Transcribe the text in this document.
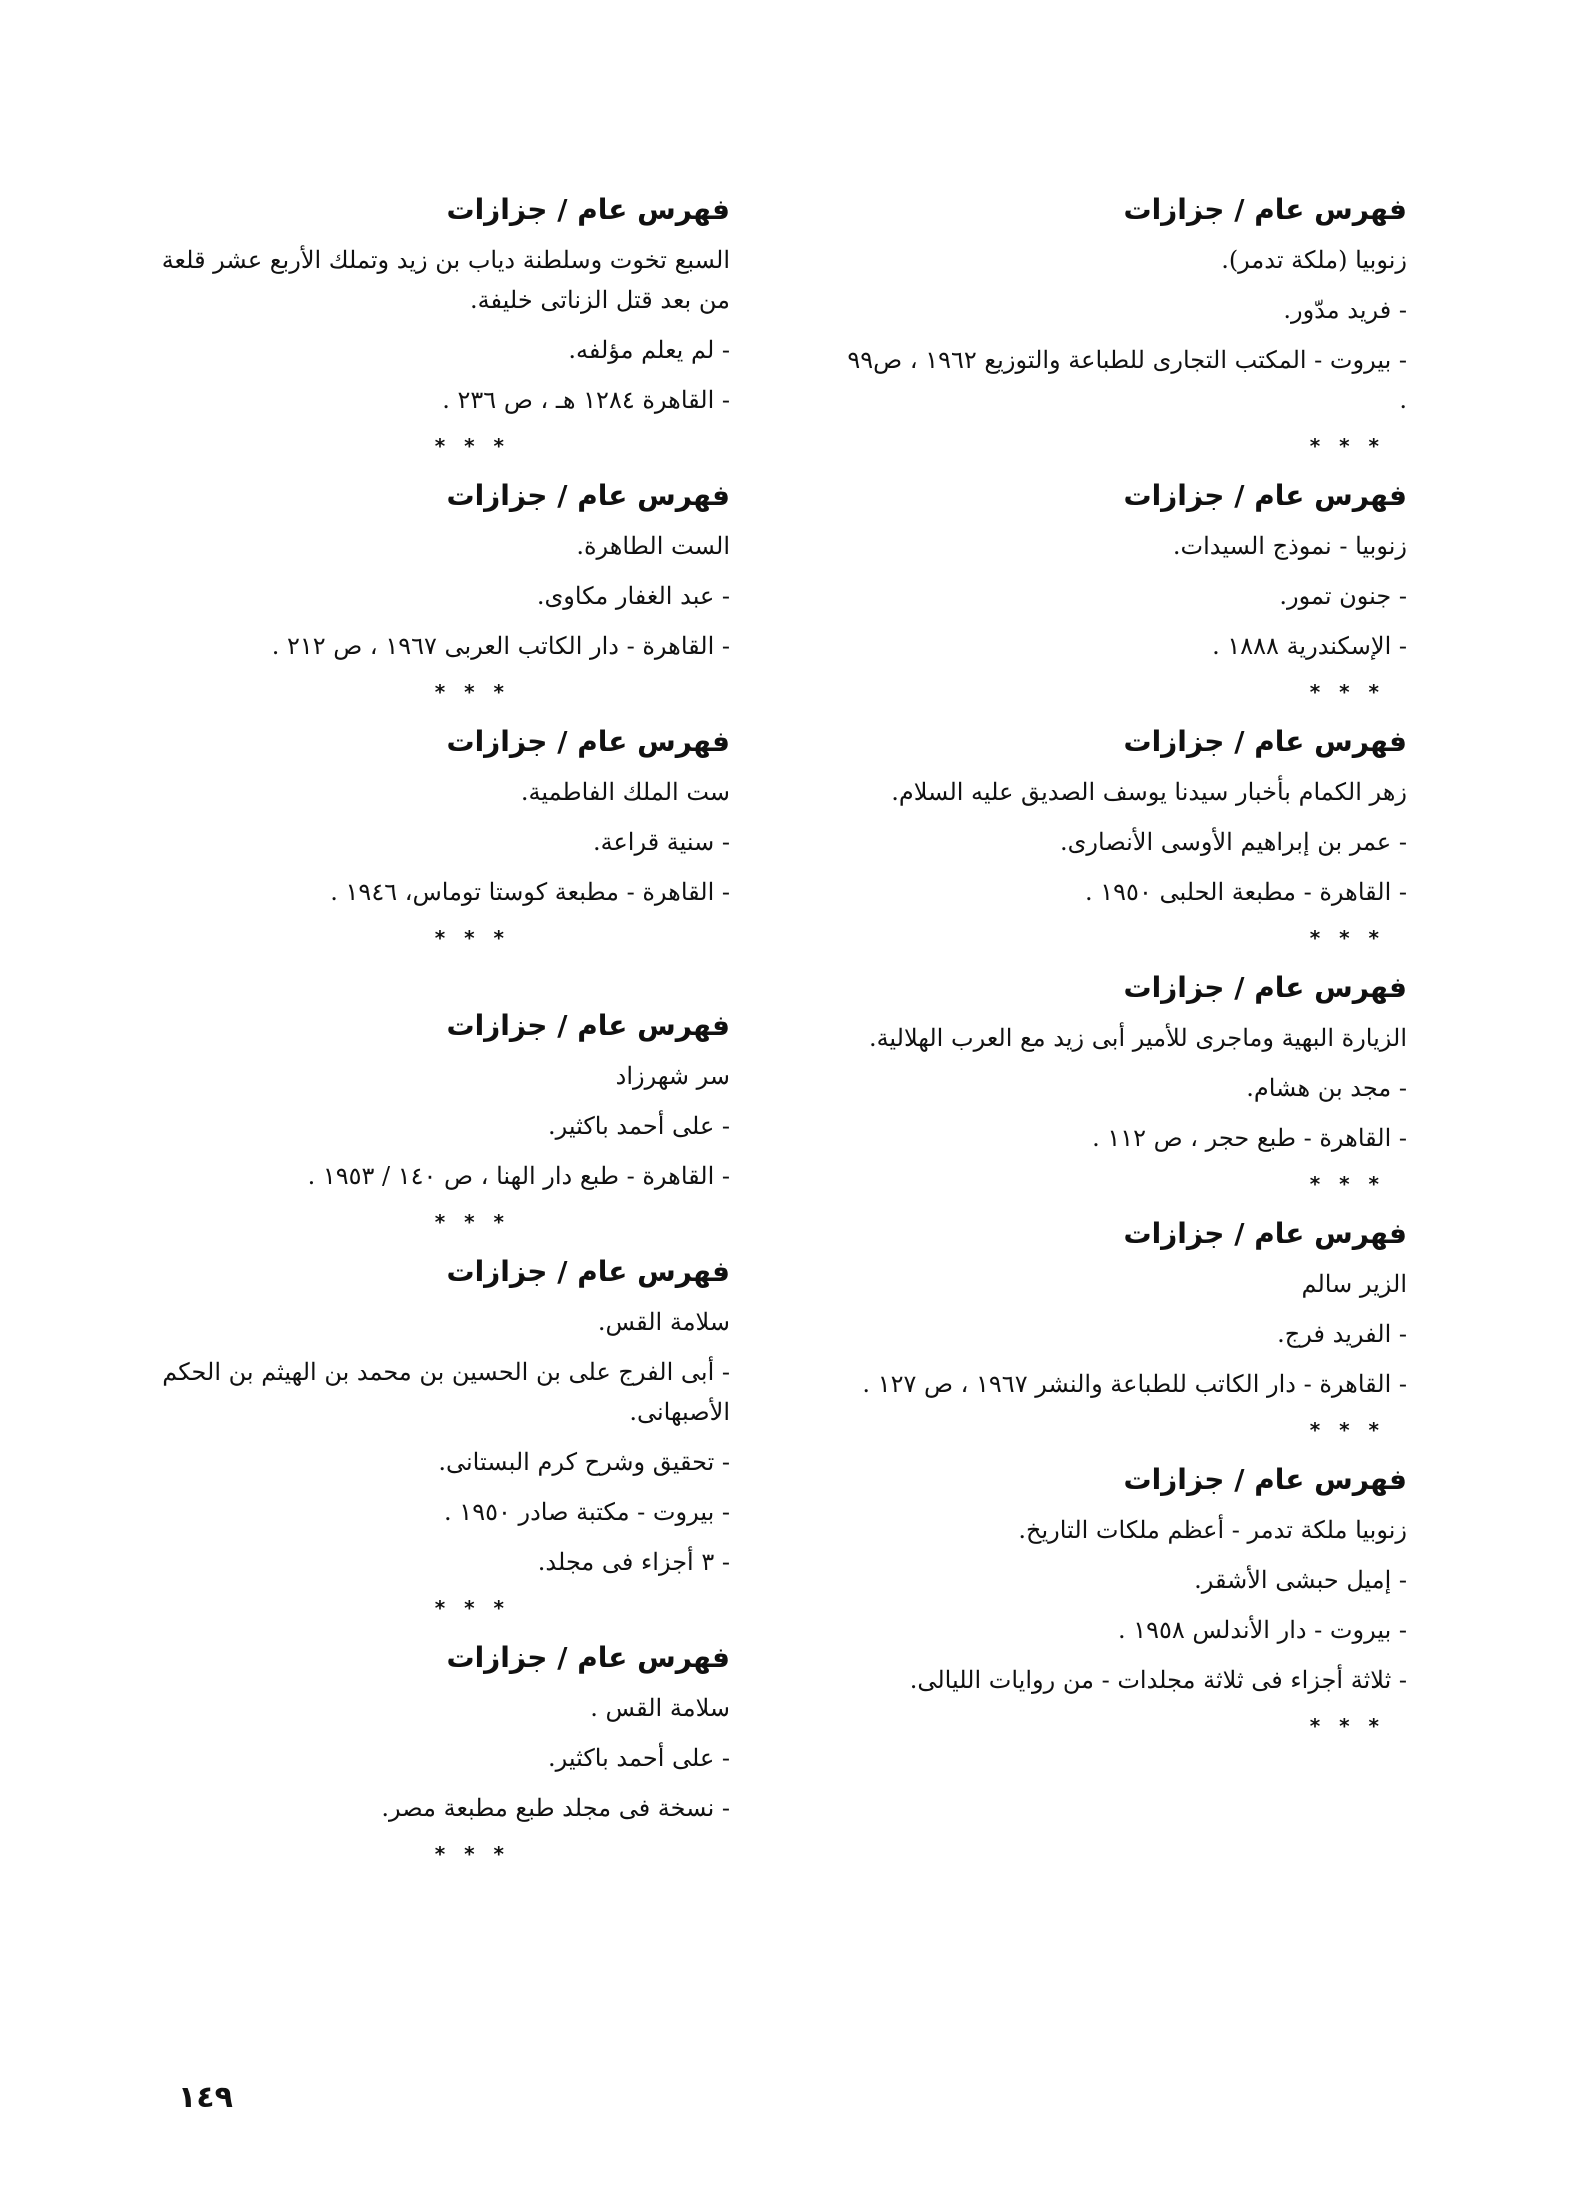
فهرس عام / جزازات
زنوبيا (ملكة تدمر).
- فريد مدّور.
- بيروت - المكتب التجارى للطباعة والتوزيع ١٩٦٢ ، ص٩٩ .
* * *
فهرس عام / جزازات
زنوبيا - نموذج السيدات.
- جنون تمور.
- الإسكندرية ١٨٨٨ .
* * *
فهرس عام / جزازات
زهر الكمام بأخبار سيدنا يوسف الصديق عليه السلام.
- عمر بن إبراهيم الأوسى الأنصارى.
- القاهرة - مطبعة الحلبى ١٩٥٠ .
* * *
فهرس عام / جزازات
الزيارة البهية وماجرى للأمير أبى زيد مع العرب الهلالية.
- مجد بن هشام.
- القاهرة - طبع حجر ، ص ١١٢ .
* * *
فهرس عام / جزازات
الزير سالم
- الفريد فرج.
- القاهرة - دار الكاتب للطباعة والنشر ١٩٦٧ ، ص ١٢٧ .
* * *
فهرس عام / جزازات
زنوبيا ملكة تدمر - أعظم ملكات التاريخ.
- إميل حبشى الأشقر.
- بيروت - دار الأندلس ١٩٥٨ .
- ثلاثة أجزاء فى ثلاثة مجلدات - من روايات الليالى.
* * *
فهرس عام / جزازات
السبع تخوت وسلطنة دياب بن زيد وتملك الأربع عشر قلعة من بعد قتل الزناتى خليفة.
- لم يعلم مؤلفه.
- القاهرة ١٢٨٤ هـ ، ص ٢٣٦ .
* * *
فهرس عام / جزازات
الست الطاهرة.
- عبد الغفار مكاوى.
- القاهرة - دار الكاتب العربى ١٩٦٧ ، ص ٢١٢ .
* * *
فهرس عام / جزازات
ست الملك الفاطمية.
- سنية قراعة.
- القاهرة - مطبعة كوستا توماس، ١٩٤٦ .
* * *
فهرس عام / جزازات
سر شهرزاد
- على أحمد باكثير.
- القاهرة - طبع دار الهنا ، ص ١٤٠ / ١٩٥٣ .
* * *
فهرس عام / جزازات
سلامة القس.
- أبى الفرج على بن الحسين بن محمد بن الهيثم بن الحكم الأصبهانى.
- تحقيق وشرح كرم البستانى.
- بيروت - مكتبة صادر ١٩٥٠ .
- ٣ أجزاء فى مجلد.
* * *
فهرس عام / جزازات
سلامة القس .
- على أحمد باكثير.
- نسخة فى مجلد طبع مطبعة مصر.
* * *
١٤٩
